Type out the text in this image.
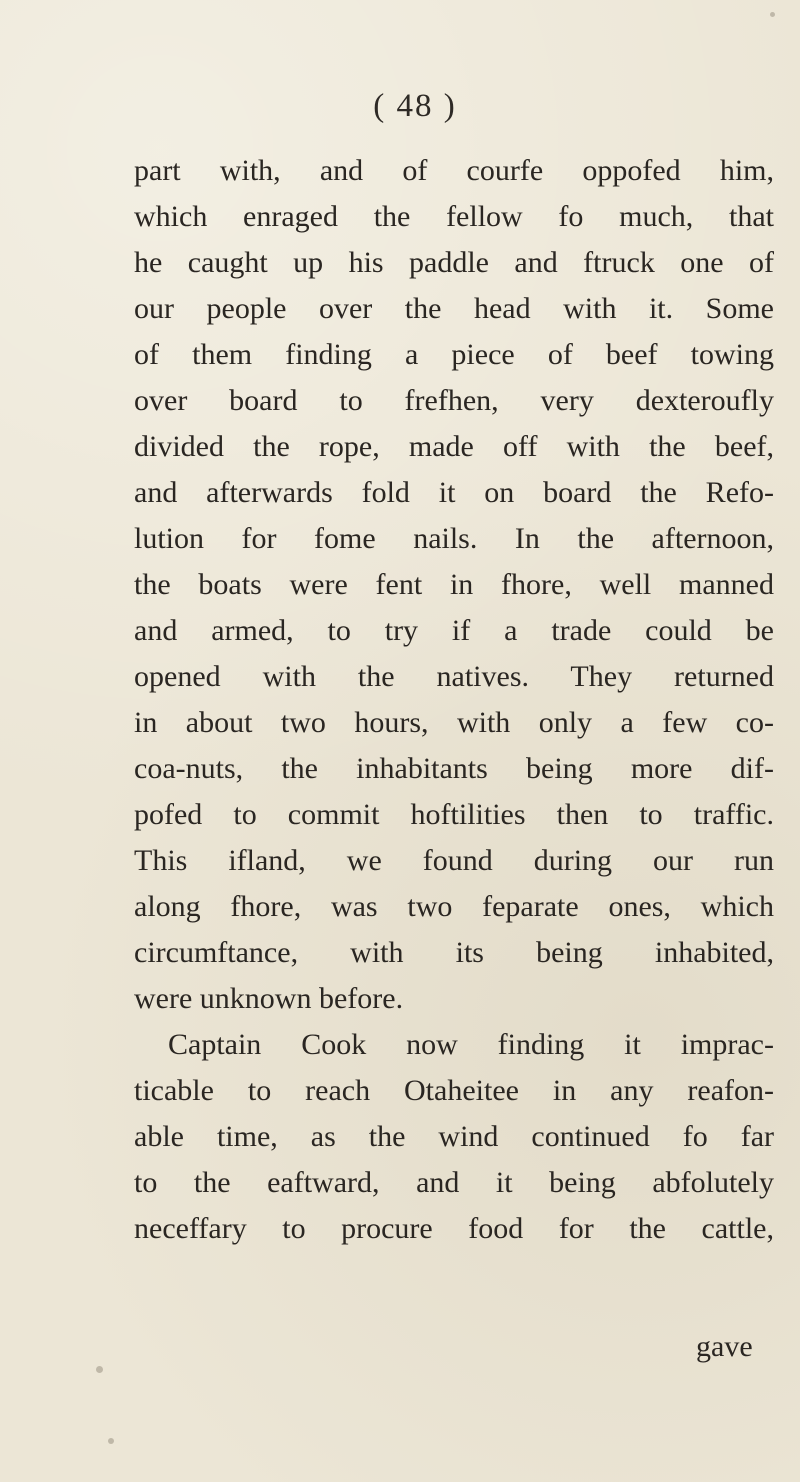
( 48 )
part with, and of courfe oppofed him,
which enraged the fellow fo much, that
he caught up his paddle and ftruck one of
our people over the head with it. Some
of them finding a piece of beef towing
over board to frefhen, very dexteroufly
divided the rope, made off with the beef,
and afterwards fold it on board the Refo-
lution for fome nails. In the afternoon,
the boats were fent in fhore, well manned
and armed, to try if a trade could be
opened with the natives. They returned
in about two hours, with only a few co-
coa-nuts, the inhabitants being more dif-
pofed to commit hoftilities then to traffic.
This ifland, we found during our run
along fhore, was two feparate ones, which
circumftance, with its being inhabited,
were unknown before.
Captain Cook now finding it imprac-
ticable to reach Otaheitee in any reafon-
able time, as the wind continued fo far
to the eaftward, and it being abfolutely
neceffary to procure food for the cattle,
gave
